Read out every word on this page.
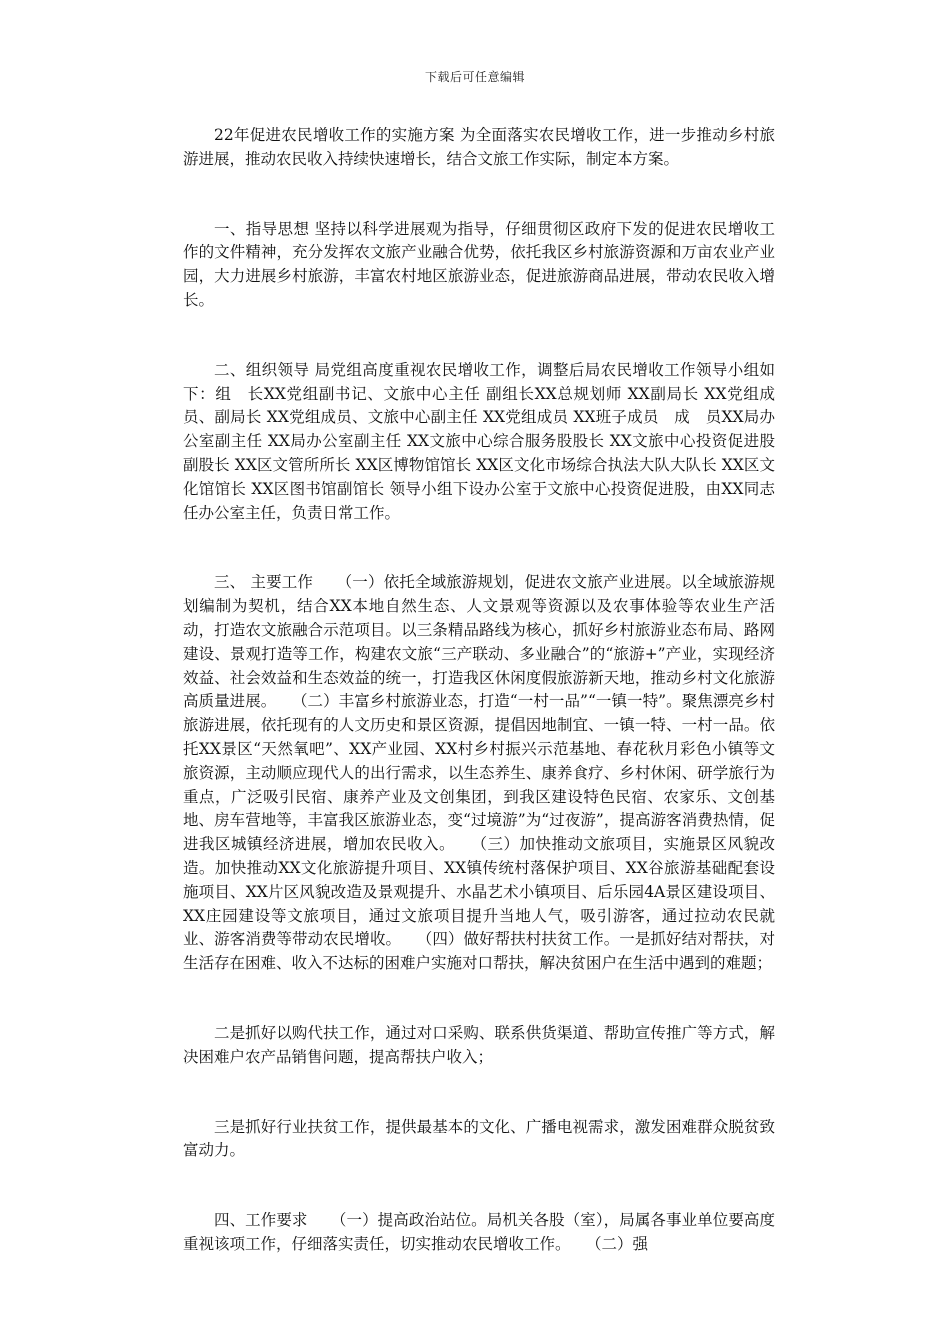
下载后可任意编辑

22年促进农民增收工作的实施方案 为全面落实农民增收工作，进一步推动乡村旅游进展，推动农民收入持续快速增长，结合文旅工作实际，制定本方案。

一、指导思想 坚持以科学进展观为指导，仔细贯彻区政府下发的促进农民增收工作的文件精神，充分发挥农文旅产业融合优势，依托我区乡村旅游资源和万亩农业产业园，大力进展乡村旅游，丰富农村地区旅游业态，促进旅游商品进展，带动农民收入增长。

二、组织领导 局党组高度重视农民增收工作，调整后局农民增收工作领导小组如下：组　长XX党组副书记、文旅中心主任 副组长XX总规划师 XX副局长 XX党组成员、副局长 XX党组成员、文旅中心副主任 XX党组成员 XX班子成员　成　员XX局办公室副主任 XX局办公室副主任 XX文旅中心综合服务股股长 XX文旅中心投资促进股副股长 XX区文管所所长 XX区博物馆馆长 XX区文化市场综合执法大队大队长 XX区文化馆馆长 XX区图书馆副馆长 领导小组下设办公室于文旅中心投资促进股，由XX同志任办公室主任，负责日常工作。

三、 主要工作　　（一）依托全域旅游规划，促进农文旅产业进展。以全域旅游规划编制为契机，结合XX本地自然生态、人文景观等资源以及农事体验等农业生产活动，打造农文旅融合示范项目。以三条精品路线为核心，抓好乡村旅游业态布局、路网建设、景观打造等工作，构建农文旅“三产联动、多业融合”的“旅游+”产业，实现经济效益、社会效益和生态效益的统一，打造我区休闲度假旅游新天地，推动乡村文化旅游高质量进展。　　（二）丰富乡村旅游业态，打造“一村一品”“一镇一特”。聚焦漂亮乡村旅游进展，依托现有的人文历史和景区资源，提倡因地制宜、一镇一特、一村一品。依托XX景区“天然氧吧”、XX产业园、XX村乡村振兴示范基地、春花秋月彩色小镇等文旅资源，主动顺应现代人的出行需求，以生态养生、康养食疗、乡村休闲、研学旅行为重点，广泛吸引民宿、康养产业及文创集团，到我区建设特色民宿、农家乐、文创基地、房车营地等，丰富我区旅游业态，变“过境游”为“过夜游”，提高游客消费热情，促进我区城镇经济进展，增加农民收入。　　（三）加快推动文旅项目，实施景区风貌改造。加快推动XX文化旅游提升项目、XX镇传统村落保护项目、XX谷旅游基础配套设施项目、XX片区风貌改造及景观提升、水晶艺术小镇项目、后乐园4A景区建设项目、XX庄园建设等文旅项目，通过文旅项目提升当地人气，吸引游客，通过拉动农民就业、游客消费等带动农民增收。　　（四）做好帮扶村扶贫工作。一是抓好结对帮扶，对生活存在困难、收入不达标的困难户实施对口帮扶，解决贫困户在生活中遇到的难题；

二是抓好以购代扶工作，通过对口采购、联系供货渠道、帮助宣传推广等方式，解决困难户农产品销售问题，提高帮扶户收入；

三是抓好行业扶贫工作，提供最基本的文化、广播电视需求，激发困难群众脱贫致富动力。

四、工作要求　　（一）提高政治站位。局机关各股（室），局属各事业单位要高度重视该项工作，仔细落实责任，切实推动农民增收工作。　　（二）强
